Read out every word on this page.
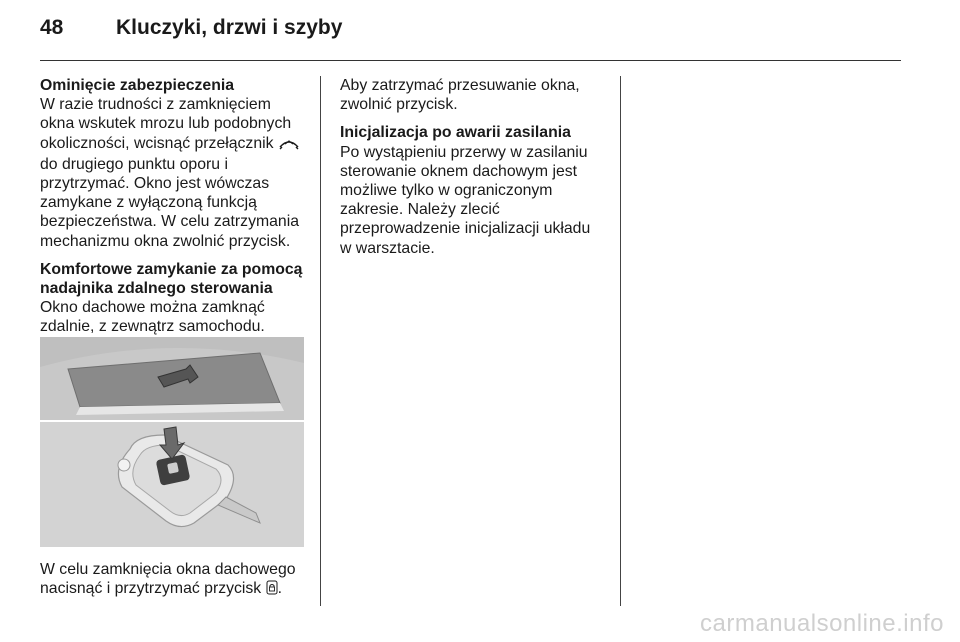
48	Kluczyki, drzwi i szyby

Ominięcie zabezpieczenia

W razie trudności z zamknięciem okna wskutek mrozu lub podobnych okoliczności, wcisnąć przełącznik  do drugiego punktu oporu i przytrzymać. Okno jest wówczas zamykane z wyłączoną funkcją bezpieczeństwa. W celu zatrzymania mechanizmu okna zwolnić przycisk.

Komfortowe zamykanie za pomocą nadajnika zdalnego sterowania

Okno dachowe można zamknąć zdalnie, z zewnątrz samochodu.

W celu zamknięcia okna dachowego nacisnąć i przytrzymać przycisk .

Aby zatrzymać przesuwanie okna, zwolnić przycisk.

Inicjalizacja po awarii zasilania

Po wystąpieniu przerwy w zasilaniu sterowanie oknem dachowym jest możliwe tylko w ograniczonym zakresie. Należy zlecić przeprowadzenie inicjalizacji układu w warsztacie.

carmanualsonline.info
